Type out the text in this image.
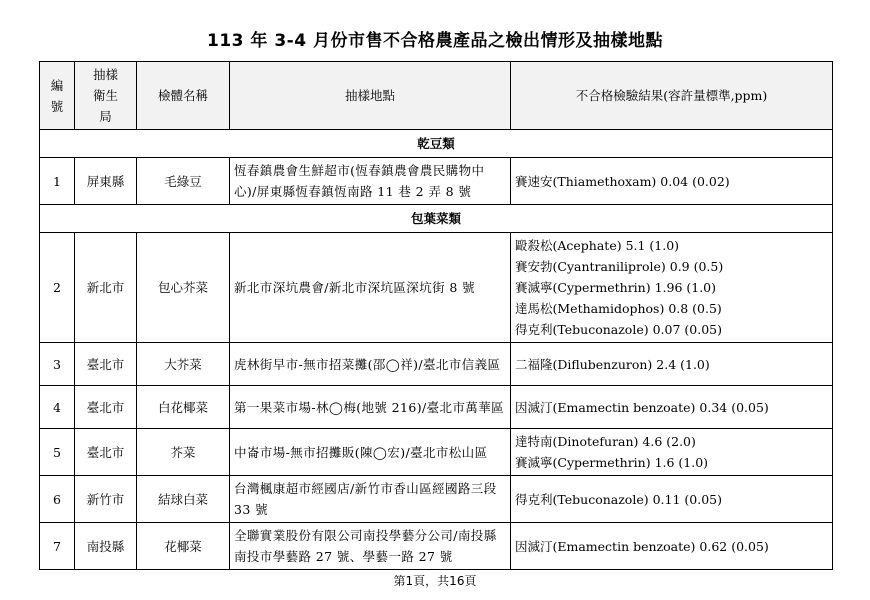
113 年 3-4 月份市售不合格農產品之檢出情形及抽樣地點
編號	抽樣衛生局	檢體名稱	抽樣地點	不合格檢驗結果(容許量標準,ppm)
乾豆類				
1	屏東縣	毛綠豆	恆春鎮農會生鮮超市(恆春鎮農會農民購物中心)/屏東縣恆春鎮恆南路 11 巷 2 弄 8 號	賽速安(Thiamethoxam) 0.04 (0.02)

包葉菜類				
2	新北市	包心芥菜	新北市深坑農會/新北市深坑區深坑街 8 號	毆殺松(Acephate) 5.1 (1.0)
賽安勃(Cyantraniliprole) 0.9 (0.5)
賽滅寧(Cypermethrin) 1.96 (1.0)
達馬松(Methamidophos) 0.8 (0.5)
得克利(Tebuconazole) 0.07 (0.05)

3	臺北市	大芥菜	虎林街早市-無市招菜攤(邵◯祥)/臺北市信義區	二福隆(Diflubenzuron) 2.4 (1.0)

4	臺北市	白花椰菜	第一果菜市場-林◯梅(地號 216)/臺北市萬華區	因滅汀(Emamectin benzoate) 0.34 (0.05)

5	臺北市	芥菜	中崙市場-無市招攤販(陳◯宏)/臺北市松山區	達特南(Dinotefuran) 4.6 (2.0)
賽滅寧(Cypermethrin) 1.6 (1.0)

6	新竹市	結球白菜	台灣楓康超市經國店/新竹市香山區經國路三段 33 號	得克利(Tebuconazole) 0.11 (0.05)

7	南投縣	花椰菜	全聯實業股份有限公司南投學藝分公司/南投縣南投市學藝路 27 號、學藝一路 27 號	因滅汀(Emamectin benzoate) 0.62 (0.05)
第1頁，共16頁
